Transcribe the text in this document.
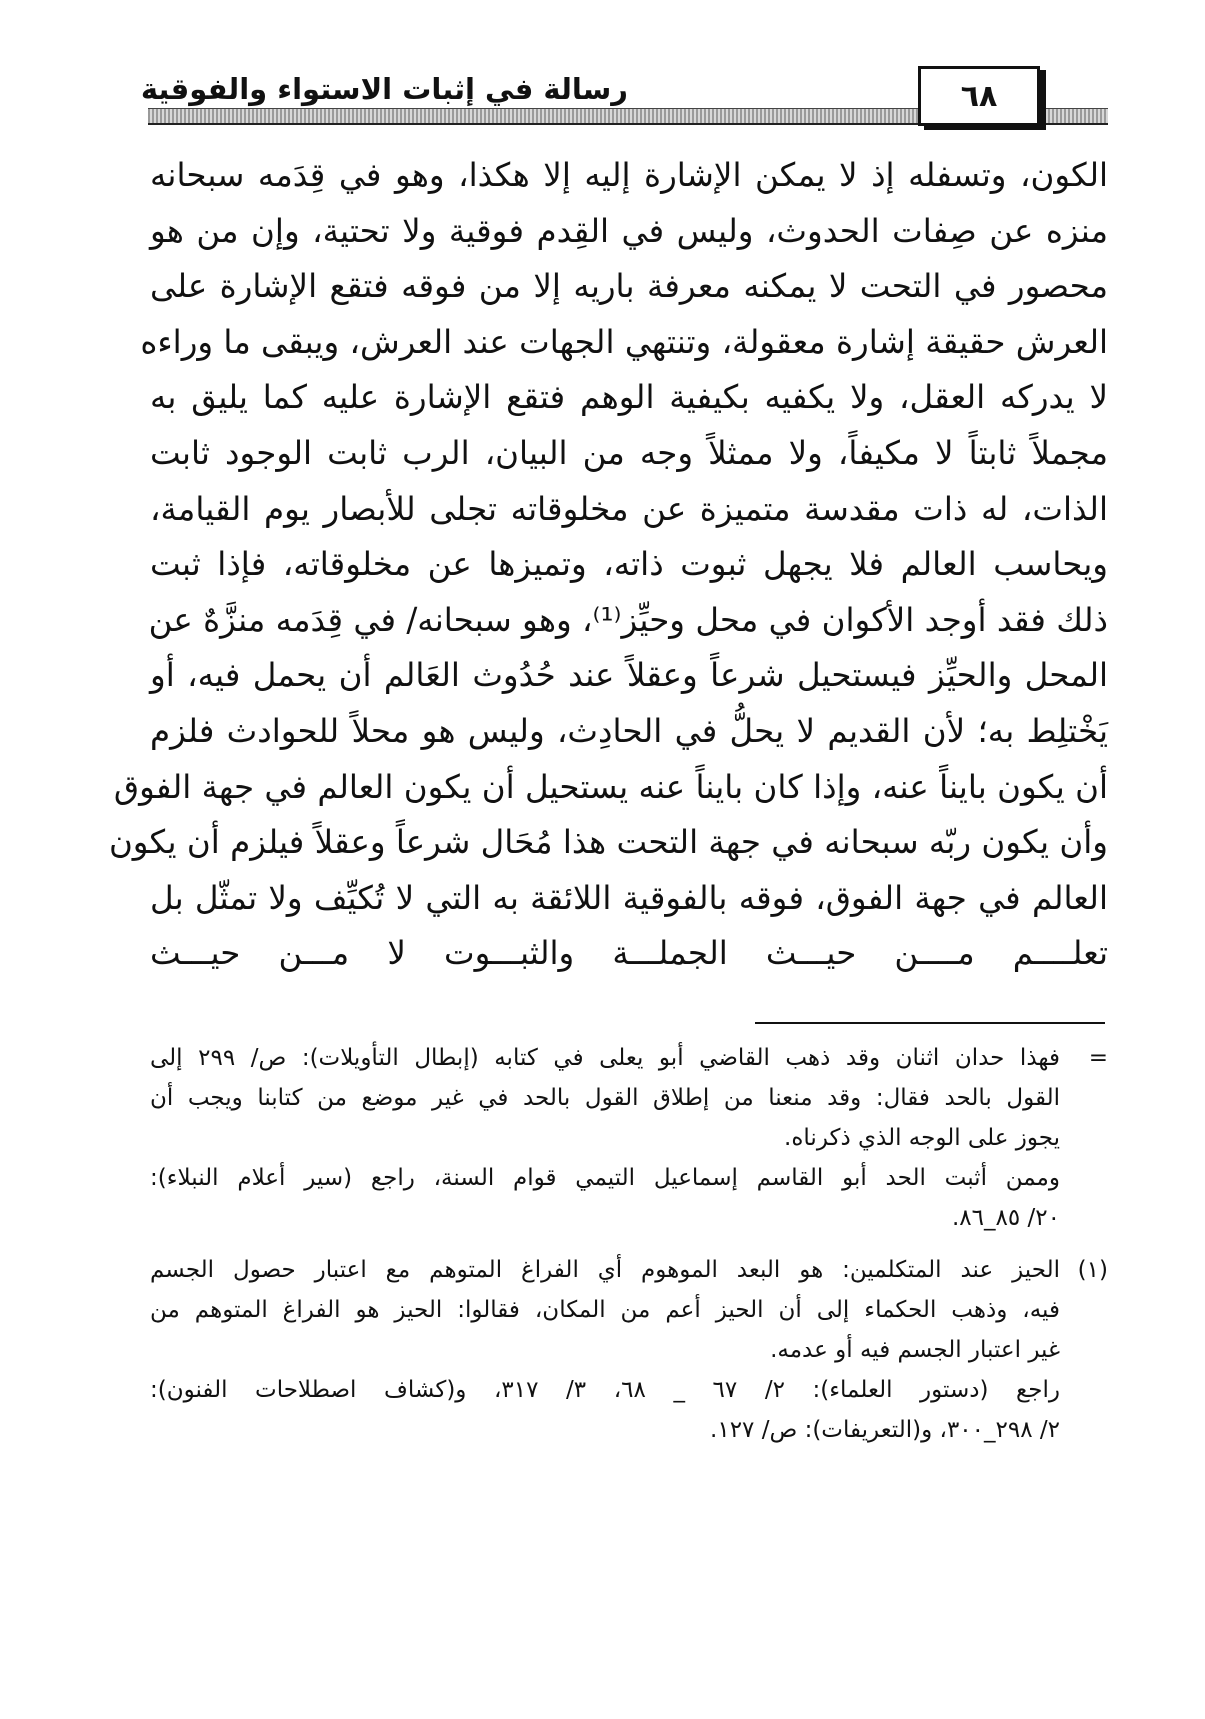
رسالة في إثبات الاستواء والفوقية	٦٨
الكون، وتسفله إذ لا يمكن الإشارة إليه إلا هكذا، وهو في قِدَمه سبحانه
منزه عن صِفات الحدوث، وليس في القِدم فوقية ولا تحتية، وإن من هو
محصور في التحت لا يمكنه معرفة باريه إلا من فوقه فتقع الإشارة على
العرش حقيقة إشارة معقولة، وتنتهي الجهات عند العرش، ويبقى ما وراءه
لا يدركه العقل، ولا يكفيه بكيفية الوهم فتقع الإشارة عليه كما يليق به
مجملاً ثابتاً لا مكيفاً، ولا ممثلاً وجه من البيان، الرب ثابت الوجود ثابت
الذات، له ذات مقدسة متميزة عن مخلوقاته تجلى للأبصار يوم القيامة،
ويحاسب العالم فلا يجهل ثبوت ذاته، وتميزها عن مخلوقاته، فإذا ثبت
ذلك فقد أوجد الأكوان في محل وحيِّز⁽¹⁾، وهو سبحانه/ في قِدَمه منزَّهٌ عن
المحل والحيِّز فيستحيل شرعاً وعقلاً عند حُدُوث العَالم أن يحمل فيه، أو
يَخْتلِط به؛ لأن القديم لا يحلُّ في الحادِث، وليس هو محلاً للحوادث فلزم
أن يكون بايناً عنه، وإذا كان بايناً عنه يستحيل أن يكون العالم في جهة الفوق
وأن يكون ربّه سبحانه في جهة التحت هذا مُحَال شرعاً وعقلاً فيلزم أن يكون
العالم في جهة الفوق، فوقه بالفوقية اللائقة به التي لا تُكيِّف ولا تمثّل بل
تعلــــم مــــن حيـــث الجملـــة والثبـــوت لا مـــن حيـــث
=
فهذا حدان اثنان وقد ذهب القاضي أبو يعلى في كتابه (إبطال التأويلات): ص/ ٢٩٩ إلى
القول بالحد فقال: وقد منعنا من إطلاق القول بالحد في غير موضع من كتابنا ويجب أن
يجوز على الوجه الذي ذكرناه.
وممن أثبت الحد أبو القاسم إسماعيل التيمي قوام السنة، راجع (سير أعلام النبلاء):
٢٠/ ٨٥_٨٦.
(١)
الحيز عند المتكلمين: هو البعد الموهوم أي الفراغ المتوهم مع اعتبار حصول الجسم
فيه، وذهب الحكماء إلى أن الحيز أعم من المكان، فقالوا: الحيز هو الفراغ المتوهم من
غير اعتبار الجسم فيه أو عدمه.
راجع (دستور العلماء): ٢/ ٦٧ _ ٦٨، ٣/ ٣١٧، و(كشاف اصطلاحات الفنون):
٢/ ٢٩٨_٣٠٠، و(التعريفات): ص/ ١٢٧.
